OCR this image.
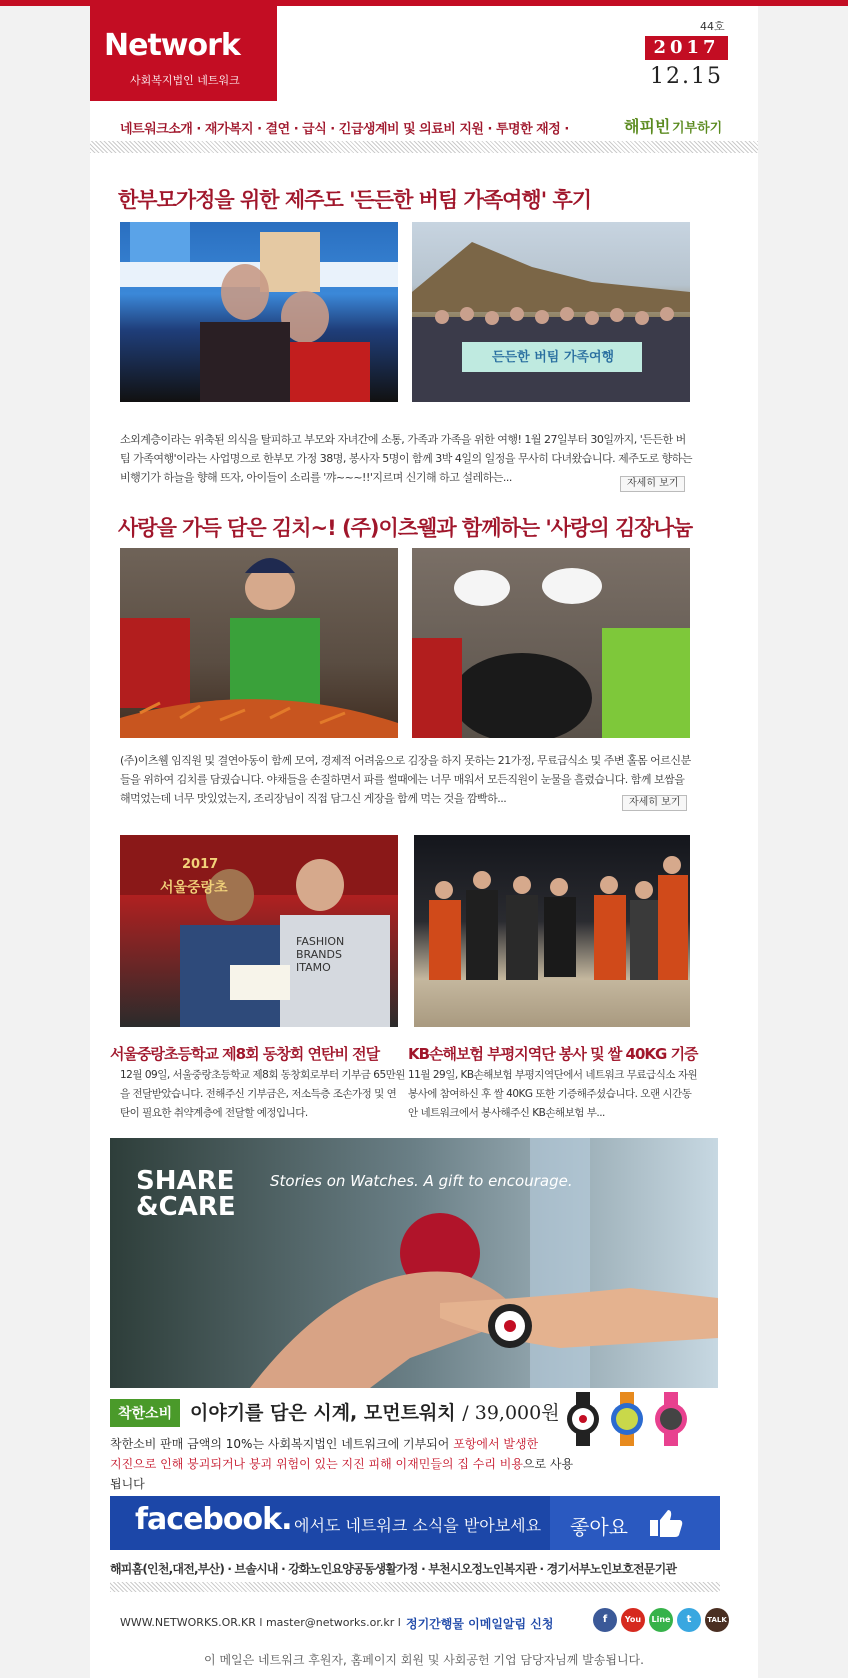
Network
사회복지법인 네트워크
44호
2017
12.15
네트워크소개 · 재가복지 · 결연 · 급식 · 긴급생계비 및 의료비 지원 · 투명한 재정 ·	해피빈 기부하기
한부모가정을 위한 제주도 '든든한 버팀 가족여행' 후기
든든한 버팀 가족여행
소외계층이라는 위축된 의식을 탈피하고 부모와 자녀간에 소통, 가족과 가족을 위한 여행! 1월 27일부터 30일까지, '든든한 버팀 가족여행'이라는 사업명으로 한부모 가정 38명, 봉사자 5명이 함께 3박 4일의 일정을 무사히 다녀왔습니다. 제주도로 향하는 비행기가 하늘을 향해 뜨자, 아이들이 소리를 '꺄~~~!!'지르며 신기해 하고 설레하는...	자세히 보기
사랑을 가득 담은 김치~! (주)이츠웰과 함께하는 '사랑의 김장나눔
(주)이츠웰 임직원 및 결연아동이 함께 모여, 경제적 어려움으로 김장을 하지 못하는 21가정, 무료급식소 및 주변 홀몸 어르신분들을 위하여 김치를 담궜습니다. 야채들을 손질하면서 파를 썰때에는 너무 매워서 모든직원이 눈물을 흘렸습니다. 함께 보쌈을 해먹었는데 너무 맛있었는지, 조리장님이 직접 담그신 게장을 함께 먹는 것을 깜빡하...	자세히 보기
2017
서울중랑초
FASHION BRANDS ITAMO
서울중랑초등학교 제8회 동창회 연탄비 전달 KB손해보험 부평지역단 봉사 및 쌀 40KG 기증
12월 09일, 서울중랑초등학교 제8회 동창회로부터 기부금 65만원을 전달받았습니다. 전해주신 기부금은, 저소득층 조손가정 및 연탄이 필요한 취약계층에 전달할 예정입니다.
11월 29일, KB손해보험 부평지역단에서 네트워크 무료급식소 자원봉사에 참여하신 후 쌀 40KG 또한 기증해주셨습니다. 오랜 시간동안 네트워크에서 봉사해주신 KB손해보험 부...
SHARE
&CARE
Stories on Watches. A gift to encourage.
착한소비 이야기를 담은 시계, 모먼트워치 / 39,000원
착한소비 판매 금액의 10%는 사회복지법인 네트워크에 기부되어 포항에서 발생한
지진으로 인해 붕괴되거나 붕괴 위험이 있는 지진 피해 이재민들의 집 수리 비용으로 사용됩니다
facebook. 에서도 네트워크 소식을 받아보세요 좋아요
해피홈(인천,대전,부산) · 브솔시내 · 강화노인요양공동생활가정 · 부천시오정노인복지관 · 경기서부노인보호전문기관
WWW.NETWORKS.OR.KR l master@networks.or.kr l 정기간행물 이메일알림 신청	f	You	Line	t	TALK
이 메일은 네트워크 후원자, 홈페이지 회원 및 사회공헌 기업 담당자님께 발송됩니다.
